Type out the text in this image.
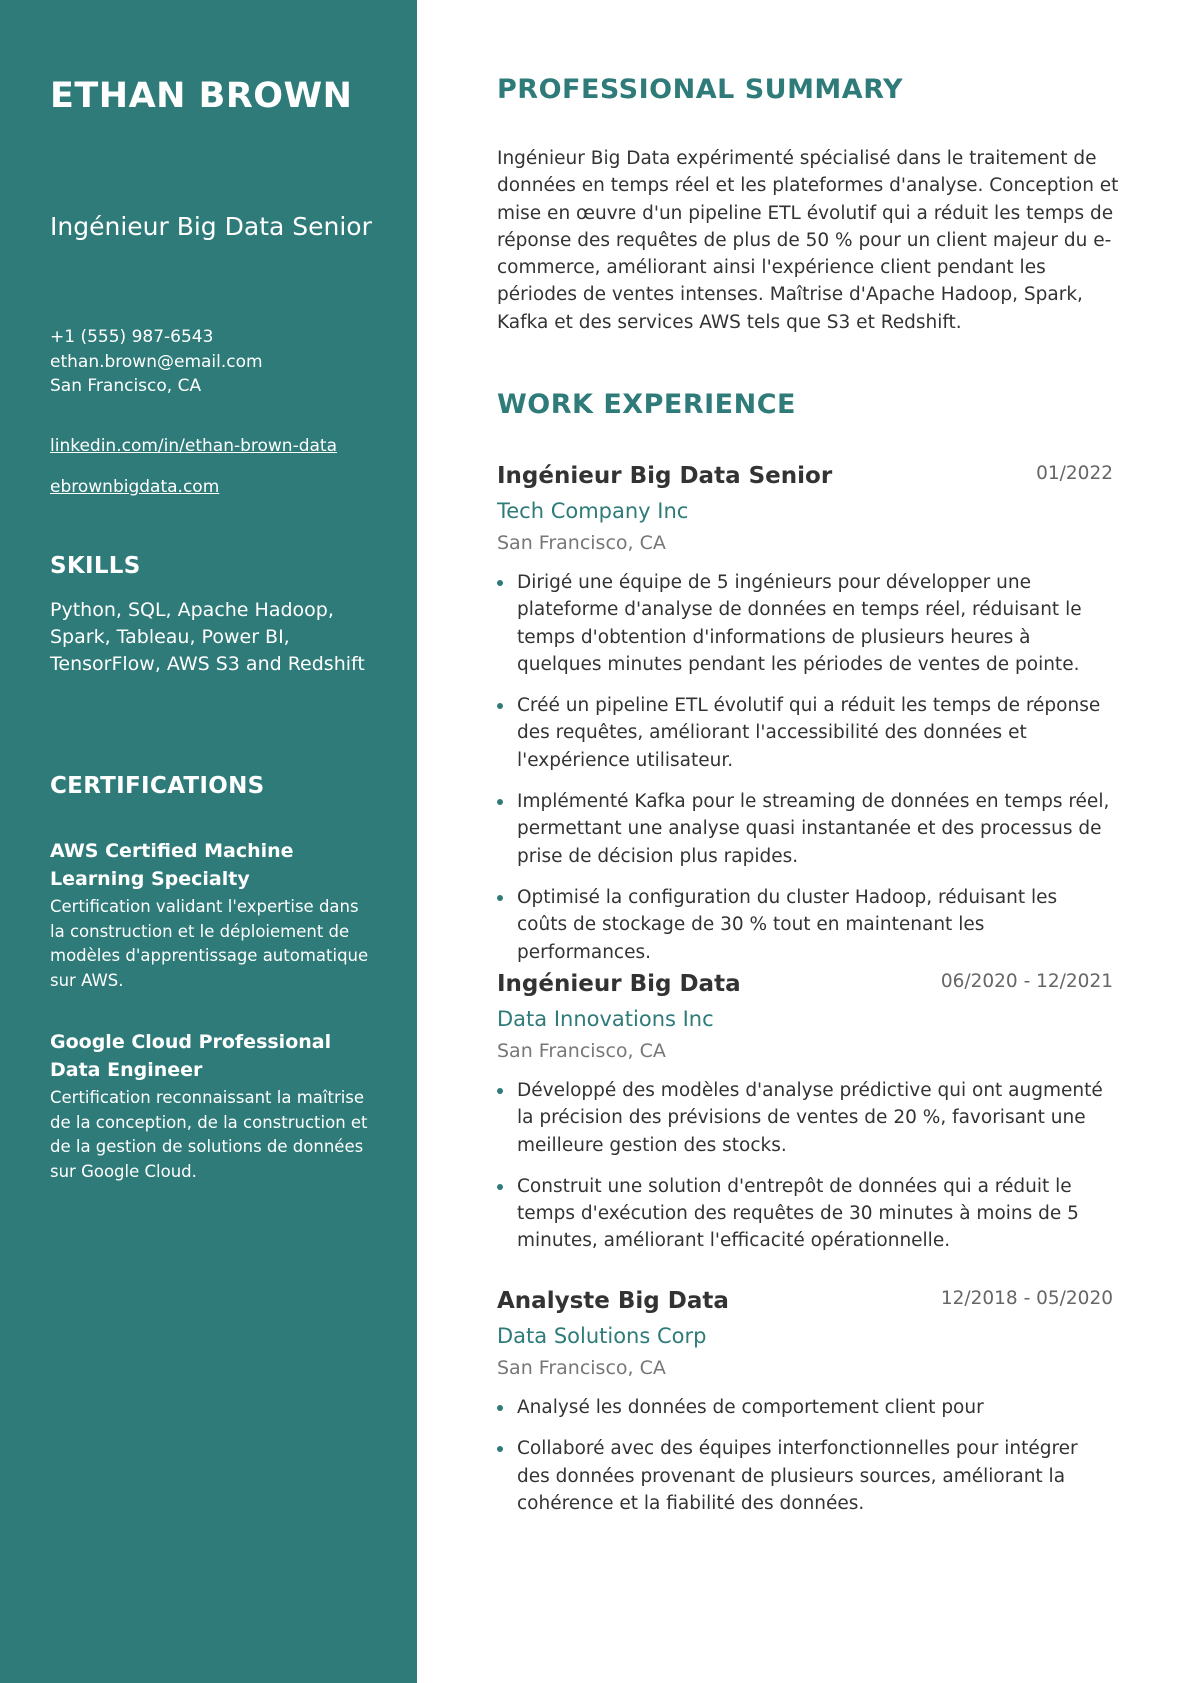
ETHAN BROWN
Ingénieur Big Data Senior
+1 (555) 987-6543
ethan.brown@email.com
San Francisco, CA
linkedin.com/in/ethan-brown-data
ebrownbigdata.com
SKILLS

Python, SQL, Apache Hadoop, Spark, Tableau, Power BI, TensorFlow, AWS S3 and Redshift

CERTIFICATIONS

AWS Certified Machine Learning Specialty

Certification validant l'expertise dans la construction et le déploiement de modèles d'apprentissage automatique sur AWS.

Google Cloud Professional Data Engineer

Certification reconnaissant la maîtrise de la conception, de la construction et de la gestion de solutions de données sur Google Cloud.

PROFESSIONAL SUMMARY

Ingénieur Big Data expérimenté spécialisé dans le traitement de données en temps réel et les plateformes d'analyse. Conception et mise en œuvre d'un pipeline ETL évolutif qui a réduit les temps de réponse des requêtes de plus de 50 % pour un client majeur du e-commerce, améliorant ainsi l'expérience client pendant les périodes de ventes intenses. Maîtrise d'Apache Hadoop, Spark, Kafka et des services AWS tels que S3 et Redshift.

WORK EXPERIENCE
Ingénieur Big Data Senior	01/2022
Tech Company Inc
San Francisco, CA
Dirigé une équipe de 5 ingénieurs pour développer une plateforme d'analyse de données en temps réel, réduisant le temps d'obtention d'informations de plusieurs heures à quelques minutes pendant les périodes de ventes de pointe.
Créé un pipeline ETL évolutif qui a réduit les temps de réponse des requêtes, améliorant l'accessibilité des données et l'expérience utilisateur.
Implémenté Kafka pour le streaming de données en temps réel, permettant une analyse quasi instantanée et des processus de prise de décision plus rapides.
Optimisé la configuration du cluster Hadoop, réduisant les coûts de stockage de 30 % tout en maintenant les performances.
Ingénieur Big Data	06/2020 - 12/2021
Data Innovations Inc
San Francisco, CA
Développé des modèles d'analyse prédictive qui ont augmenté la précision des prévisions de ventes de 20 %, favorisant une meilleure gestion des stocks.
Construit une solution d'entrepôt de données qui a réduit le temps d'exécution des requêtes de 30 minutes à moins de 5 minutes, améliorant l'efficacité opérationnelle.
Analyste Big Data	12/2018 - 05/2020
Data Solutions Corp
San Francisco, CA
Analysé les données de comportement client pour
Collaboré avec des équipes interfonctionnelles pour intégrer des données provenant de plusieurs sources, améliorant la cohérence et la fiabilité des données.
